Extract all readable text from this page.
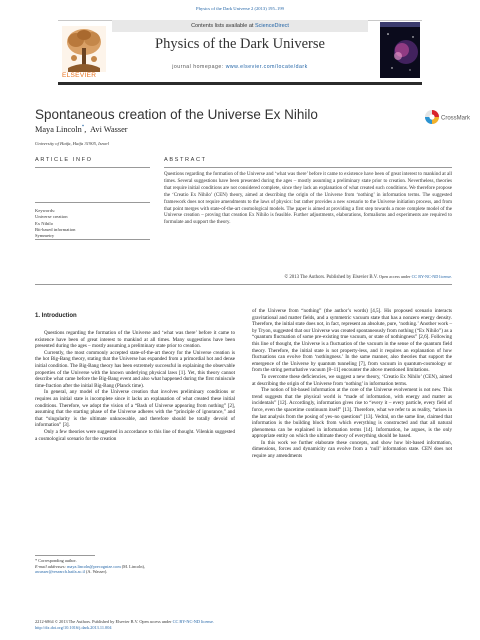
Physics of the Dark Universe 2 (2013) 195–199
Contents lists available at ScienceDirect
ELSEVIER
Physics of the Dark Universe
journal homepage: www.elsevier.com/locate/dark
Spontaneous creation of the Universe Ex Nihilo	CrossMark
Maya Lincoln*,  Avi Wasser
University of Haifa, Haifa 31905, Israel
ARTICLE INFO
Keywords:
Universe creation
Ex Nihilo
Bit-based information
Symmetry
ABSTRACT
Questions regarding the formation of the Universe and ‘what was there’ before it came to existence have been of great interest to mankind at all times. Several suggestions have been presented during the ages – mostly assuming a preliminary state prior to creation. Nevertheless, theories that require initial conditions are not considered complete, since they lack an explanation of what created such conditions. We therefore propose the ‘Creatio Ex Nihilo’ (CEN) theory, aimed at describing the origin of the Universe from ‘nothing’ in information terms. The suggested framework does not require amendments to the laws of physics: but rather provides a new scenario to the Universe initiation process, and from that point merges with state-of-the-art cosmological models. The paper is aimed at providing a first step towards a more complete model of the Universe creation – proving that creation Ex Nihilo is feasible. Further adjustments, elaborations, formalisms and experiments are required to formulate and support the theory.
© 2013 The Authors. Published by Elsevier B.V. Open access under CC BY-NC-ND license.
1. Introduction

Questions regarding the formation of the Universe and ‘what was there’ before it came to existence have been of great interest to mankind at all times. Many suggestions have been presented during the ages – mostly assuming a preliminary state prior to creation.

Currently, the most commonly accepted state-of-the-art theory for the Universe creation is the hot Big-Bang theory, stating that the Universe has expanded from a primordial hot and dense initial condition. The Big-Bang theory has been extremely successful in explaining the observable properties of the Universe with the known underlying physical laws [1]. Yet, this theory cannot describe what came before the Big-Bang event and also what happened during the first miniscule time-fraction after the initial Big-Bang (Planck time).

In general, any model of the Universe creation that involves preliminary conditions or requires an initial state is incomplete since it lacks an explanation of what created these initial conditions. Therefore, we adopt the vision of a “Bash of Universe appearing from nothing” [2], assuming that the starting phase of the Universe adheres with the “principle of ignorance,” and that “singularity is the ultimate unknowable, and therefore should be totally devoid of information” [3].

Only a few theories were suggested in accordance to this line of thought. Vilenkin suggested a cosmological scenario for the creation

of the Universe from “nothing” (the author’s words) [4,5]. His proposed scenario interacts gravitational and matter fields, and a symmetric vacuum state that has a nonzero energy density. Therefore, the initial state does not, in fact, represent an absolute, pure, ‘nothing.’ Another work – by Tryon, suggested that our Universe was created spontaneously from nothing (“Ex Nihilo”) as a “quantum fluctuation of some pre-existing true vacuum, or state of nothingness” [2,6]. Following this line of thought, the Universe is a fluctuation of the vacuum in the sense of the quantum field theory. Therefore, the initial state is not property-less, and it requires an explanation of how fluctuations can evolve from ‘nothingness.’ In the same manner, also theories that support the emergence of the Universe by quantum tunneling [7], from vacuum in quantum-cosmology or from the string perturbative vacuum [8–11] encounter the above mentioned limitations.

To overcome these deficiencies, we suggest a new theory, ‘Creatio Ex Nihilo’ (CEN), aimed at describing the origin of the Universe from ‘nothing’ in information terms.

The notion of bit-based information at the core of the Universe evolvement is not new. This trend suggests that the physical world is “made of information, with energy and matter as incidentals” [12]. Accordingly, information gives rise to “every it – every particle, every field of force, even the spacetime continuum itself” [13]. Therefore, what we refer to as reality, “arises in the last analysis from the posing of yes–no questions” [13]. Vedral, on the same line, claimed that information is the building block from which everything is constructed and that all natural phenomena can be explained in information terms [14]. Information, he argues, is the only appropriate entity on which the ultimate theory of everything should be based.

In this work we further elaborate these concepts, and show how bit-based information, dimensions, forces and dynamicity can evolve from a ‘null’ information state. CEN does not require any amendments

* Corresponding author.
E-mail addresses: maya.lincoln@precognize.com (M. Lincoln),
awasser@research.haifa.ac.il (A. Wasser).
2212-6864 © 2013 The Authors. Published by Elsevier B.V. Open access under CC BY-NC-ND license.
http://dx.doi.org/10.1016/j.dark.2013.11.004
